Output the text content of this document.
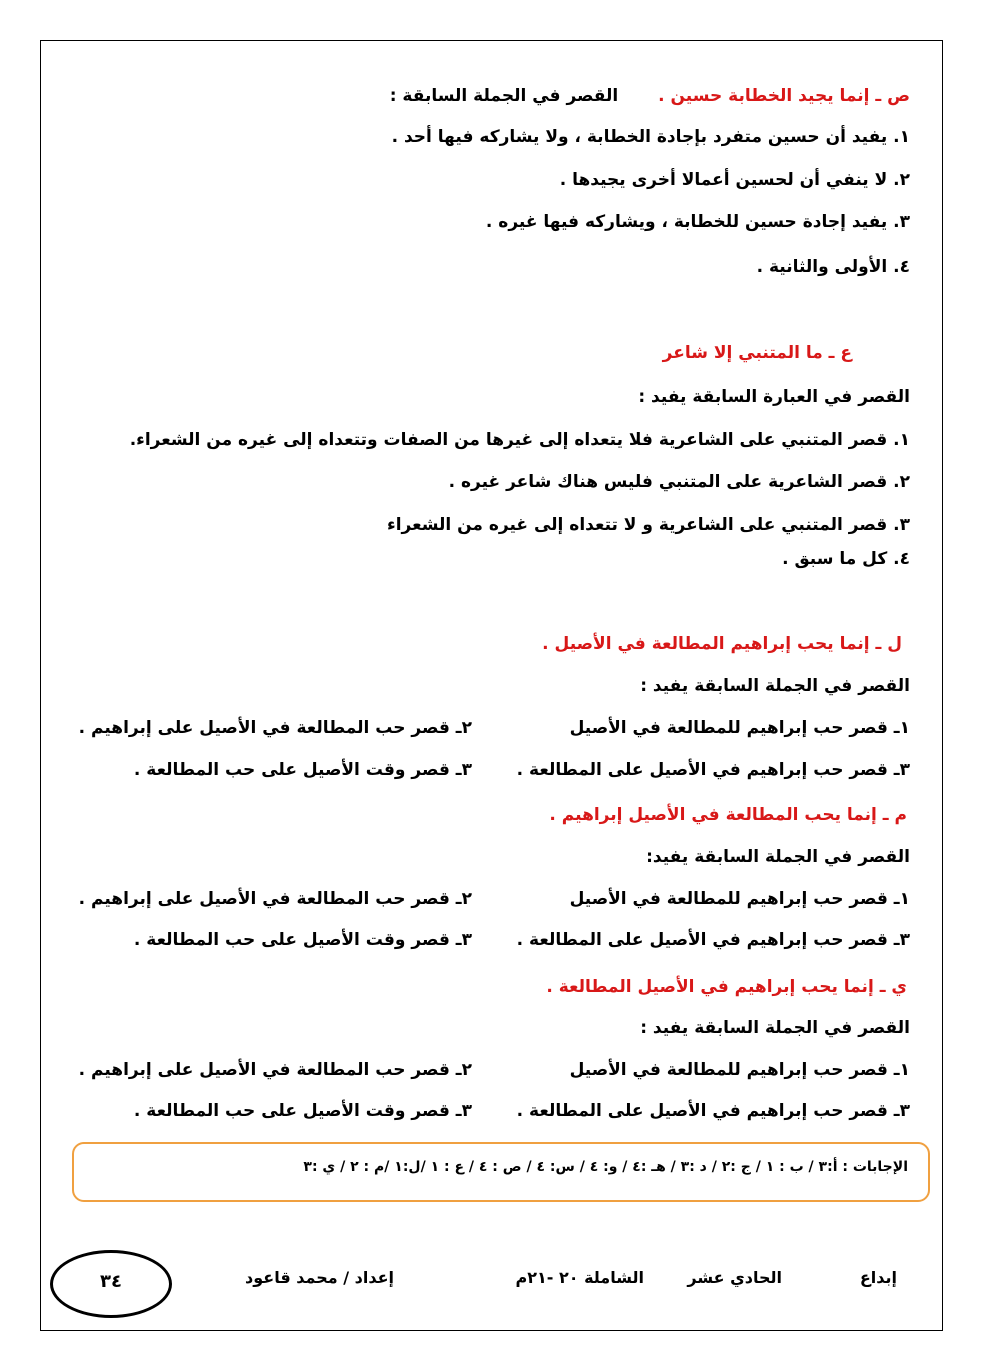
ص ـ إنما يجيد الخطابة حسين .  القصر في الجملة السابقة :
١. يفيد أن حسين متفرد بإجادة الخطابة ، ولا يشاركه فيها أحد .
٢. لا ينفي أن لحسين أعمالا أخرى يجيدها .
٣. يفيد إجادة حسين للخطابة ، ويشاركه فيها غيره .
٤. الأولى والثانية .
ع ـ ما المتنبي إلا شاعر
القصر في العبارة السابقة يفيد :
١. قصر المتنبي على الشاعرية فلا يتعداه إلى غيرها من الصفات وتتعداه إلى غيره من الشعراء.
٢. قصر الشاعرية على المتنبي فليس هناك شاعر غيره .
٣. قصر المتنبي على الشاعرية و لا تتعداه إلى غيره من الشعراء
٤. كل ما سبق .
ل ـ إنما يحب إبراهيم المطالعة في الأصيل .
القصر في الجملة السابقة يفيد :
١ـ قصر حب إبراهيم للمطالعة في الأصيل
٢ـ قصر حب المطالعة في الأصيل على إبراهيم .
٣ـ قصر حب إبراهيم في الأصيل على المطالعة .
٣ـ قصر وقت الأصيل على حب المطالعة .
م ـ إنما يحب المطالعة في الأصيل إبراهيم .
القصر في الجملة السابقة يفيد:
١ـ قصر حب إبراهيم للمطالعة في الأصيل
٢ـ قصر حب المطالعة في الأصيل على إبراهيم .
٣ـ قصر حب إبراهيم في الأصيل على المطالعة .
٣ـ قصر وقت الأصيل على حب المطالعة .
ي ـ إنما يحب إبراهيم في الأصيل المطالعة .
القصر في الجملة السابقة يفيد :
١ـ قصر حب إبراهيم للمطالعة في الأصيل
٢ـ قصر حب المطالعة في الأصيل على إبراهيم .
٣ـ قصر حب إبراهيم في الأصيل على المطالعة .
٣ـ قصر وقت الأصيل على حب المطالعة .
الإجابات : أ:٣ / ب : ١ / ج :٢ / د :٣ / هـ :٤ / و: ٤ / س: ٤ / ص : ٤ / ع : ١ /ل:١ /م : ٢ / ي :٣
إبداع
الحادي عشر
الشاملة ٢٠ -٢١م
إعداد / محمد قاعود
٣٤
